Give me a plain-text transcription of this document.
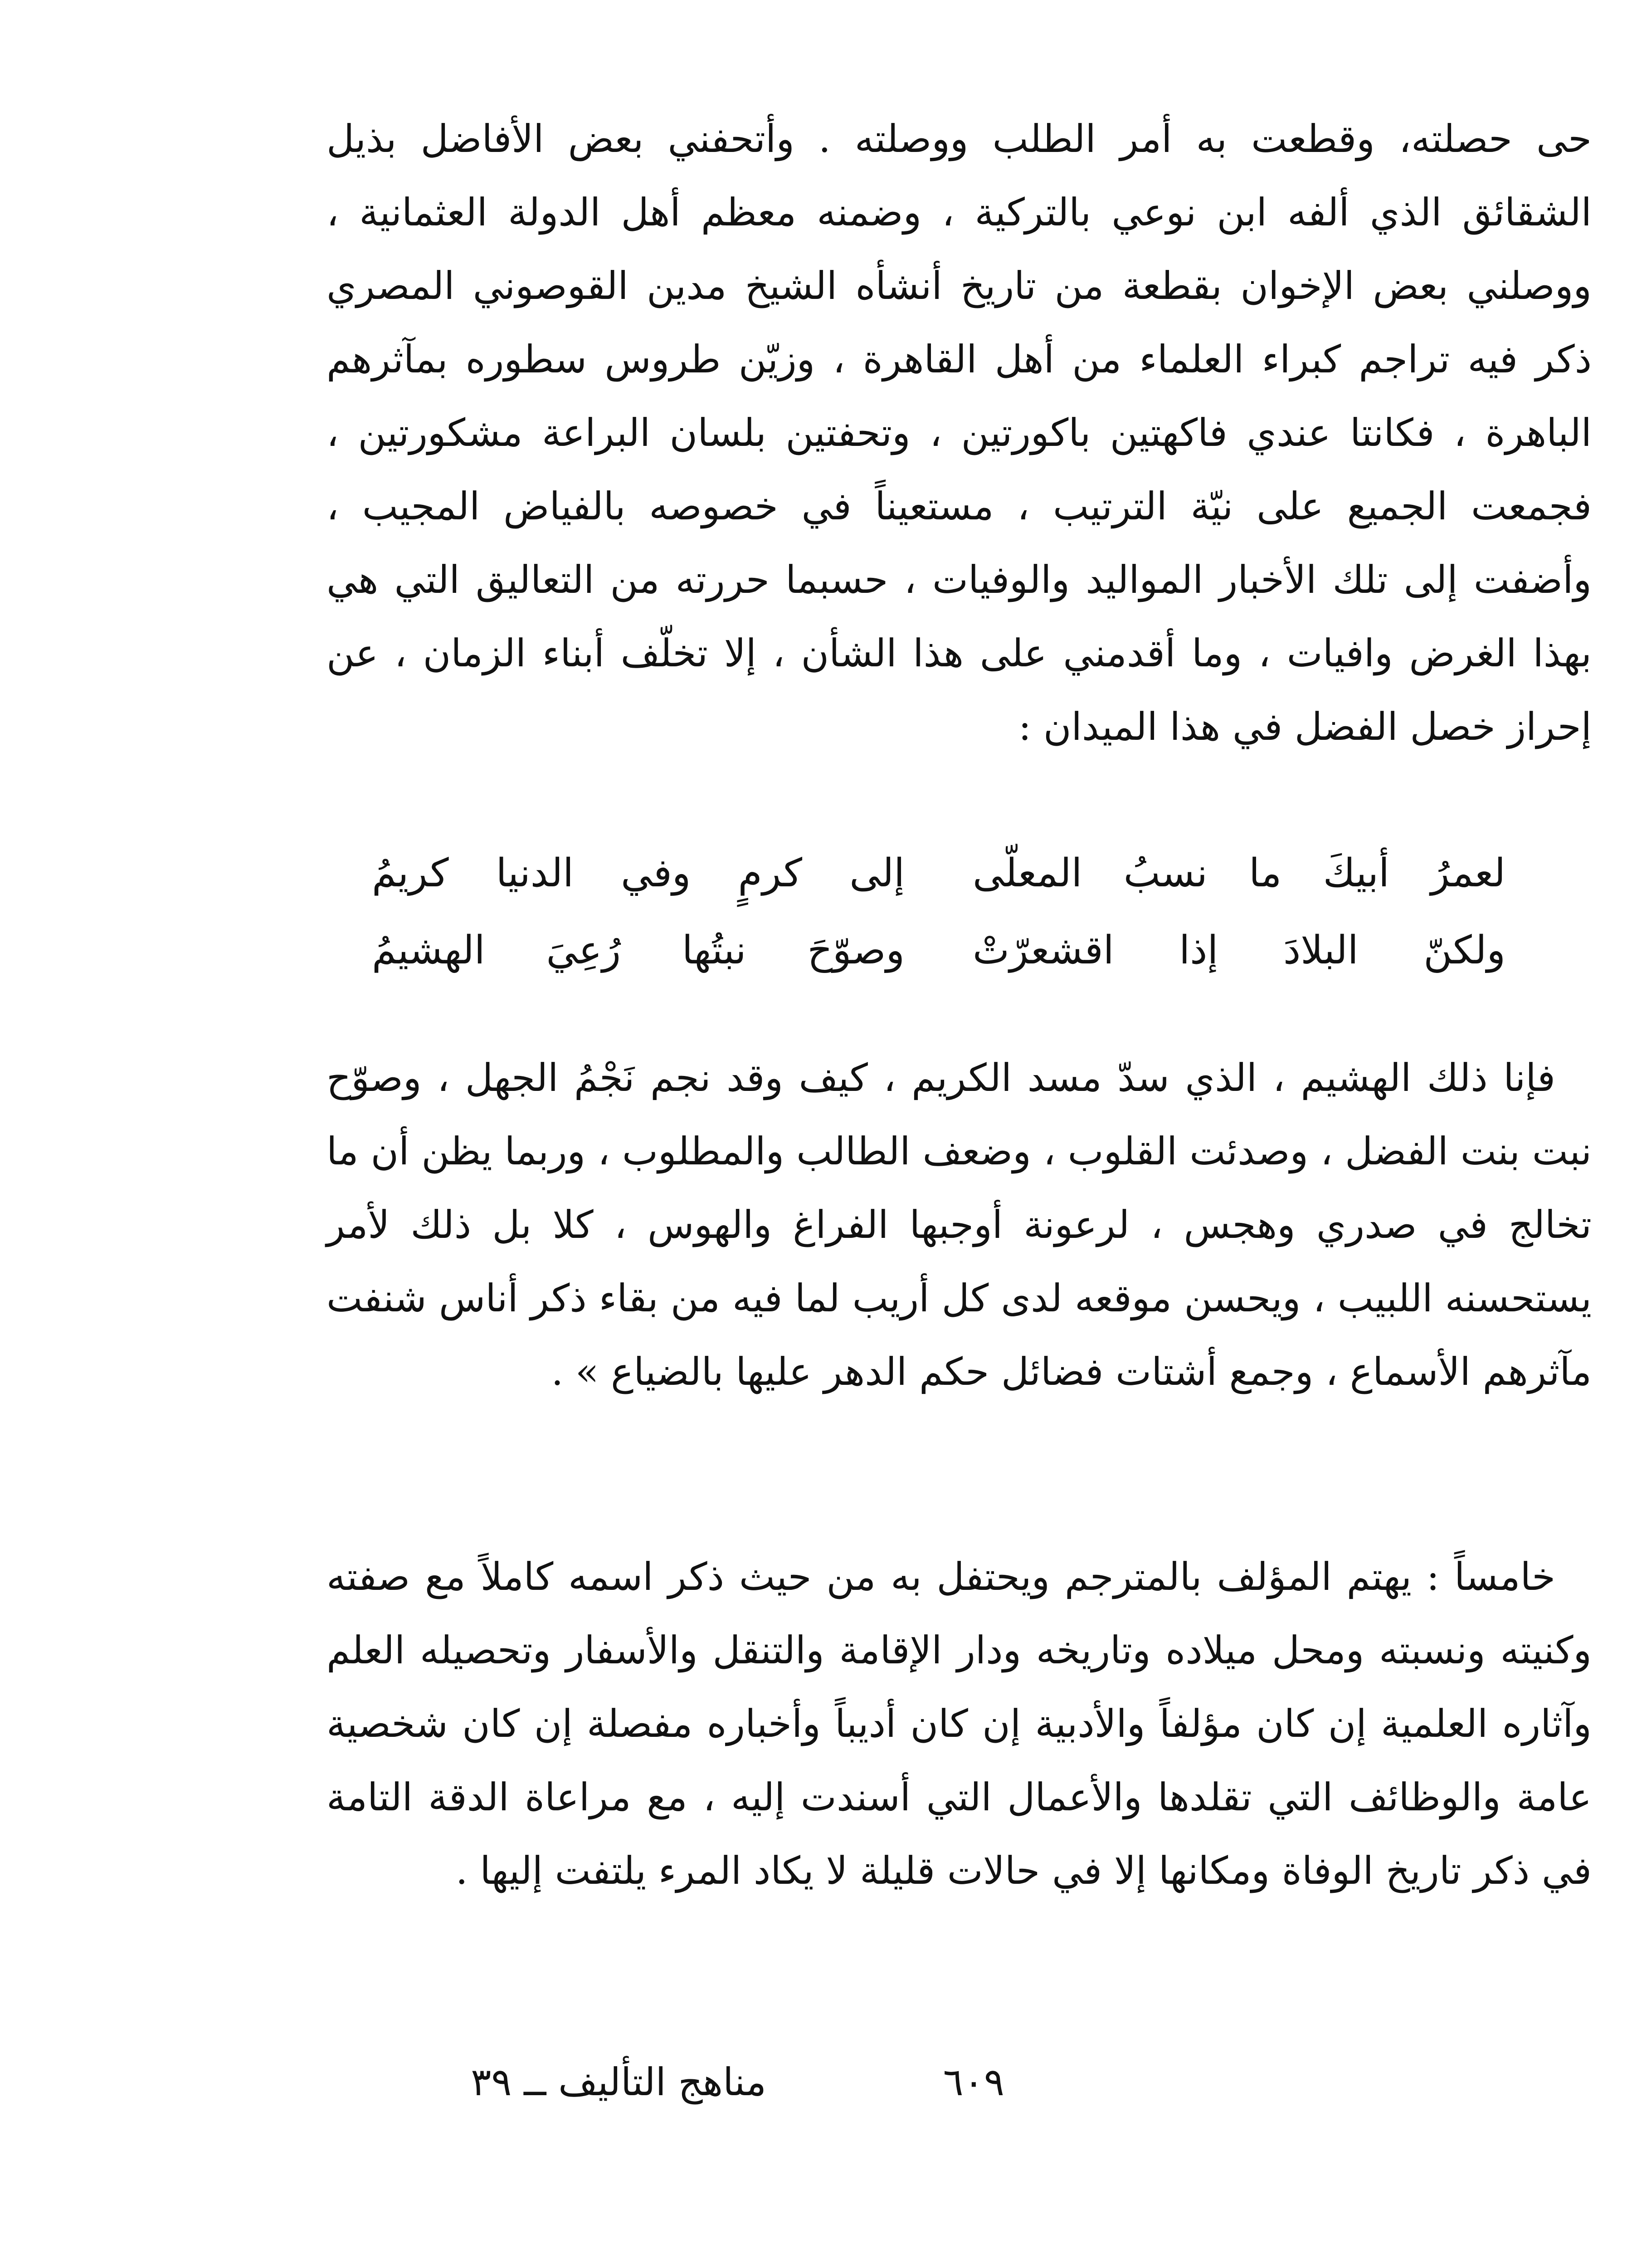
حى حصلته، وقطعت به أمر الطلب ووصلته . وأتحفني بعض الأفاضل بذيل الشقائق الذي ألفه ابن نوعي بالتركية ، وضمنه معظم أهل الدولة العثمانية ، ووصلني بعض الإخوان بقطعة من تاريخ أنشأه الشيخ مدين القوصوني المصري ذكر فيه تراجم كبراء العلماء من أهل القاهرة ، وزيّن طروس سطوره بمآثرهم الباهرة ، فكانتا عندي فاكهتين باكورتين ، وتحفتين بلسان البراعة مشكورتين ، فجمعت الجميع على نيّة الترتيب ، مستعيناً في خصوصه بالفياض المجيب ، وأضفت إلى تلك الأخبار المواليد والوفيات ، حسبما حررته من التعاليق التي هي بهذا الغرض وافيات ، وما أقدمني على هذا الشأن ، إلا تخلّف أبناء الزمان ، عن إحراز خصل الفضل في هذا الميدان :

لعمرُ أبيكَ ما نسبُ المعلّى
إلى كرمٍ وفي الدنيا كريمُ
ولكنّ البلادَ إذا اقشعرّتْ
وصوّحَ نبتُها رُعِيَ الهشيمُ

فإنا ذلك الهشيم ، الذي سدّ مسد الكريم ، كيف وقد نجم نَجْمُ الجهل ، وصوّح نبت بنت الفضل ، وصدئت القلوب ، وضعف الطالب والمطلوب ، وربما يظن أن ما تخالج في صدري وهجس ، لرعونة أوجبها الفراغ والهوس ، كلا بل ذلك لأمر يستحسنه اللبيب ، ويحسن موقعه لدى كل أريب لما فيه من بقاء ذكر أناس شنفت مآثرهم الأسماع ، وجمع أشتات فضائل حكم الدهر عليها بالضياع » .

خامساً : يهتم المؤلف بالمترجم ويحتفل به من حيث ذكر اسمه كاملاً مع صفته وكنيته ونسبته ومحل ميلاده وتاريخه ودار الإقامة والتنقل والأسفار وتحصيله العلم وآثاره العلمية إن كان مؤلفاً والأدبية إن كان أديباً وأخباره مفصلة إن كان شخصية عامة والوظائف التي تقلدها والأعمال التي أسندت إليه ، مع مراعاة الدقة التامة في ذكر تاريخ الوفاة ومكانها إلا في حالات قليلة لا يكاد المرء يلتفت إليها .

٦٠٩
مناهج التأليف ــ ٣٩
